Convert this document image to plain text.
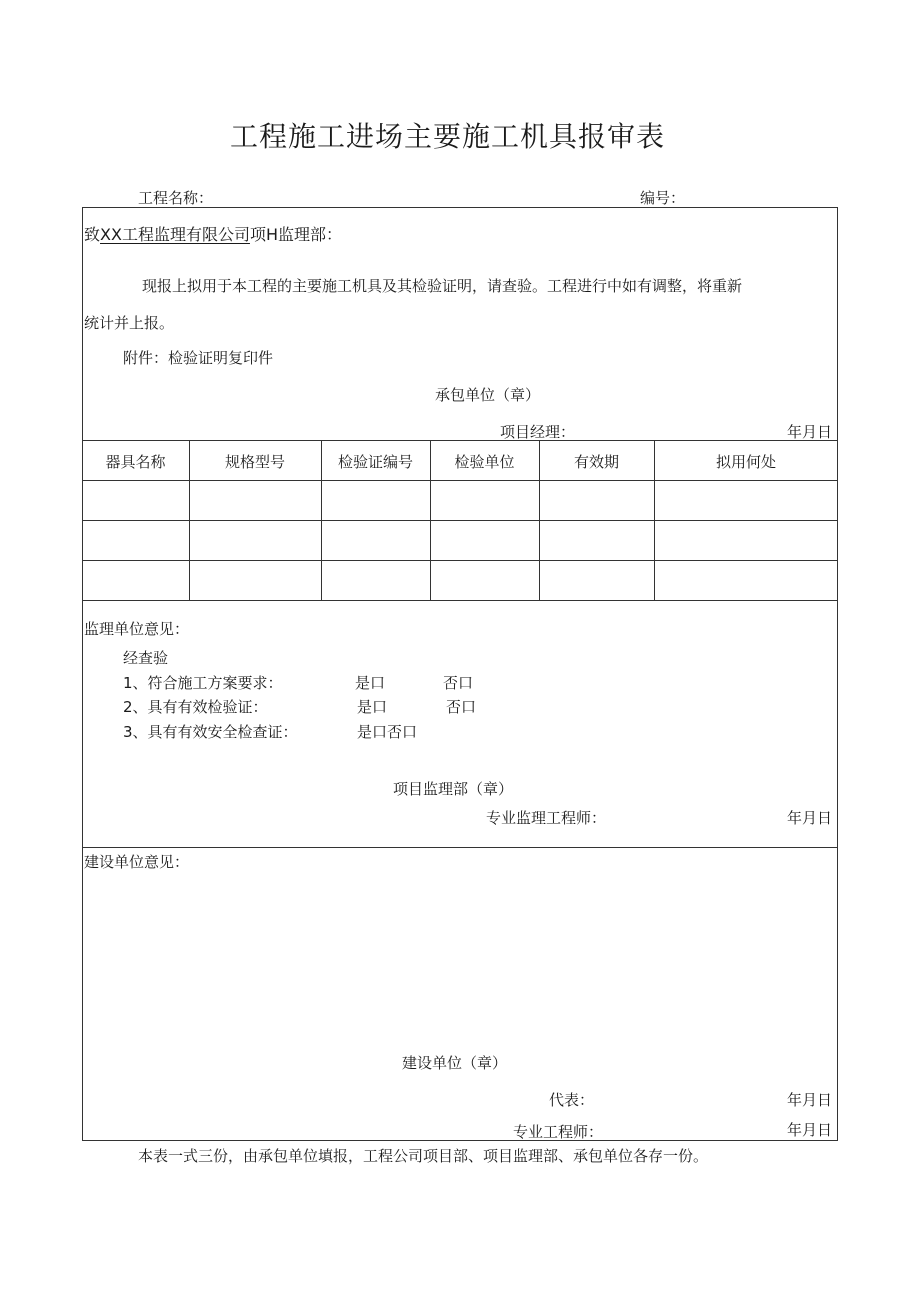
工程施工进场主要施工机具报审表
工程名称：	编号：
致XX工程监理有限公司项H监理部：
现报上拟用于本工程的主要施工机具及其检验证明，请查验。工程进行中如有调整，将重新
统计并上报。
附件：检验证明复印件
承包单位（章）
项目经理：	年月日
器具名称	规格型号	检验证编号	检验单位	有效期	拟用何处
监理单位意见：
经查验
1、符合施工方案要求：	是口	否口
2、具有有效检验证：	是口	否口
3、具有有效安全检查证：	是口否口
项目监理部（章）
专业监理工程师：	年月日
建设单位意见：
建设单位（章）
代表：	年月日
专业工程师：	年月日
本表一式三份，由承包单位填报，工程公司项目部、项目监理部、承包单位各存一份。
